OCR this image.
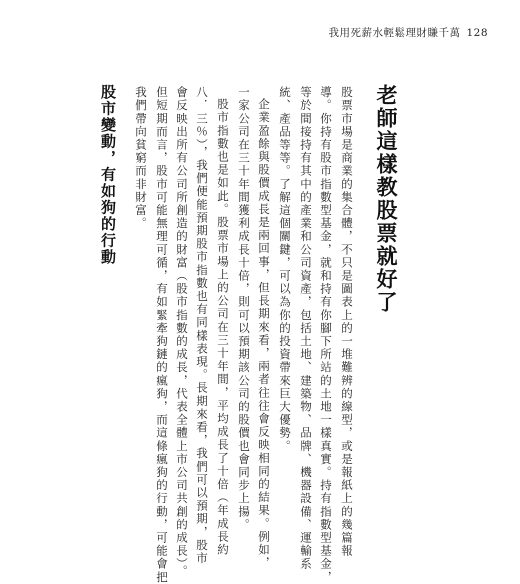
我用死薪水輕鬆理財賺千萬 128
老師這樣教股票就好了
股票市場是商業的集合體，不只是圖表上的一堆難辨的線型，或是報紙上的幾篇報
導。你持有股市指數型基金，就和持有你腳下所站的土地一樣真實。持有指數型基金，
等於間接持有其中的產業和公司資產，包括土地、建築物、品牌、機器設備、運輸系
統、產品等等。了解這個關鍵，可以為你的投資帶來巨大優勢。
企業盈餘與股價成長是兩回事，但長期來看，兩者往往會反映相同的結果。例如，
一家公司在三十年間獲利成長十倍，則可以預期該公司的股價也會同步上揚。
股市指數也是如此。股票市場上的公司在三十年間，平均成長了十倍（年成長約
八．三％），我們便能預期股市指數也有同樣表現。長期來看，我們可以預期，股市
會反映出所有公司所創造的財富（股市指數的成長，代表全體上市公司共創的成長）。
但短期而言，股市可能無理可循，有如緊牽狗鏈的瘋狗，而這條瘋狗的行動，可能會把
我們帶向貧窮而非財富。
股市變動，有如狗的行動
